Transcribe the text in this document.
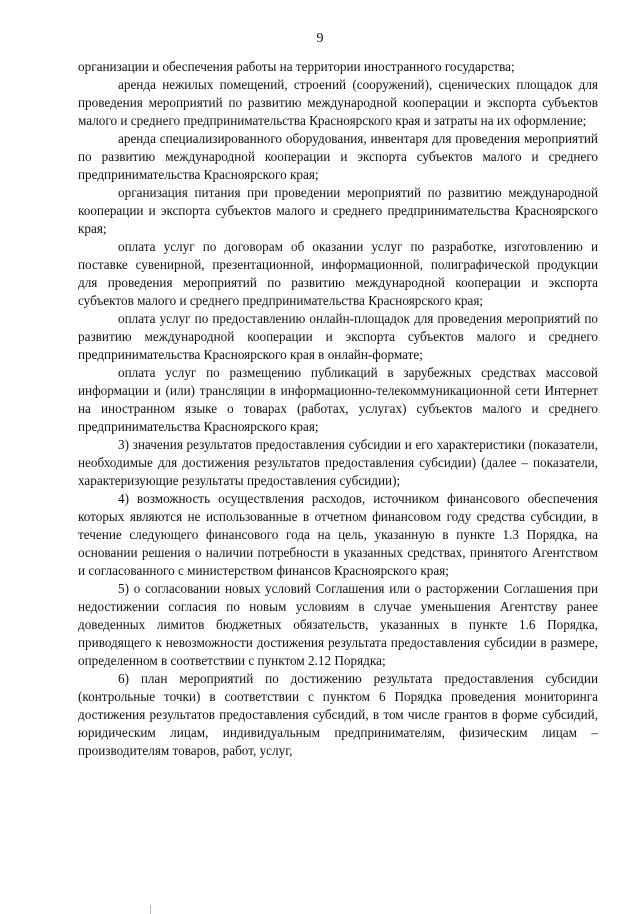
9

организации и обеспечения работы на территории иностранного государства;

аренда нежилых помещений, строений (сооружений), сценических площадок для проведения мероприятий по развитию международной кооперации и экспорта субъектов малого и среднего предпринимательства Красноярского края и затраты на их оформление;

аренда специализированного оборудования, инвентаря для проведения мероприятий по развитию международной кооперации и экспорта субъектов малого и среднего предпринимательства Красноярского края;

организация питания при проведении мероприятий по развитию международной кооперации и экспорта субъектов малого и среднего предпринимательства Красноярского края;

оплата услуг по договорам об оказании услуг по разработке, изготовлению и поставке сувенирной, презентационной, информационной, полиграфической продукции для проведения мероприятий по развитию международной кооперации и экспорта субъектов малого и среднего предпринимательства Красноярского края;

оплата услуг по предоставлению онлайн-площадок для проведения мероприятий по развитию международной кооперации и экспорта субъектов малого и среднего предпринимательства Красноярского края в онлайн-формате;

оплата услуг по размещению публикаций в зарубежных средствах массовой информации и (или) трансляции в информационно-телекоммуникационной сети Интернет на иностранном языке о товарах (работах, услугах) субъектов малого и среднего предпринимательства Красноярского края;

3) значения результатов предоставления субсидии и его характеристики (показатели, необходимые для достижения результатов предоставления субсидии) (далее – показатели, характеризующие результаты предоставления субсидии);

4) возможность осуществления расходов, источником финансового обеспечения которых являются не использованные в отчетном финансовом году средства субсидии, в течение следующего финансового года на цель, указанную в пункте 1.3 Порядка, на основании решения о наличии потребности в указанных средствах, принятого Агентством и согласованного с министерством финансов Красноярского края;

5) о согласовании новых условий Соглашения или о расторжении Соглашения при недостижении согласия по новым условиям в случае уменьшения Агентству ранее доведенных лимитов бюджетных обязательств, указанных в пункте 1.6 Порядка, приводящего к невозможности достижения результата предоставления субсидии в размере, определенном в соответствии с пунктом 2.12 Порядка;

6) план мероприятий по достижению результата предоставления субсидии (контрольные точки) в соответствии с пунктом 6 Порядка проведения мониторинга достижения результатов предоставления субсидий, в том числе грантов в форме субсидий, юридическим лицам, индивидуальным предпринимателям, физическим лицам – производителям товаров, работ, услуг,
